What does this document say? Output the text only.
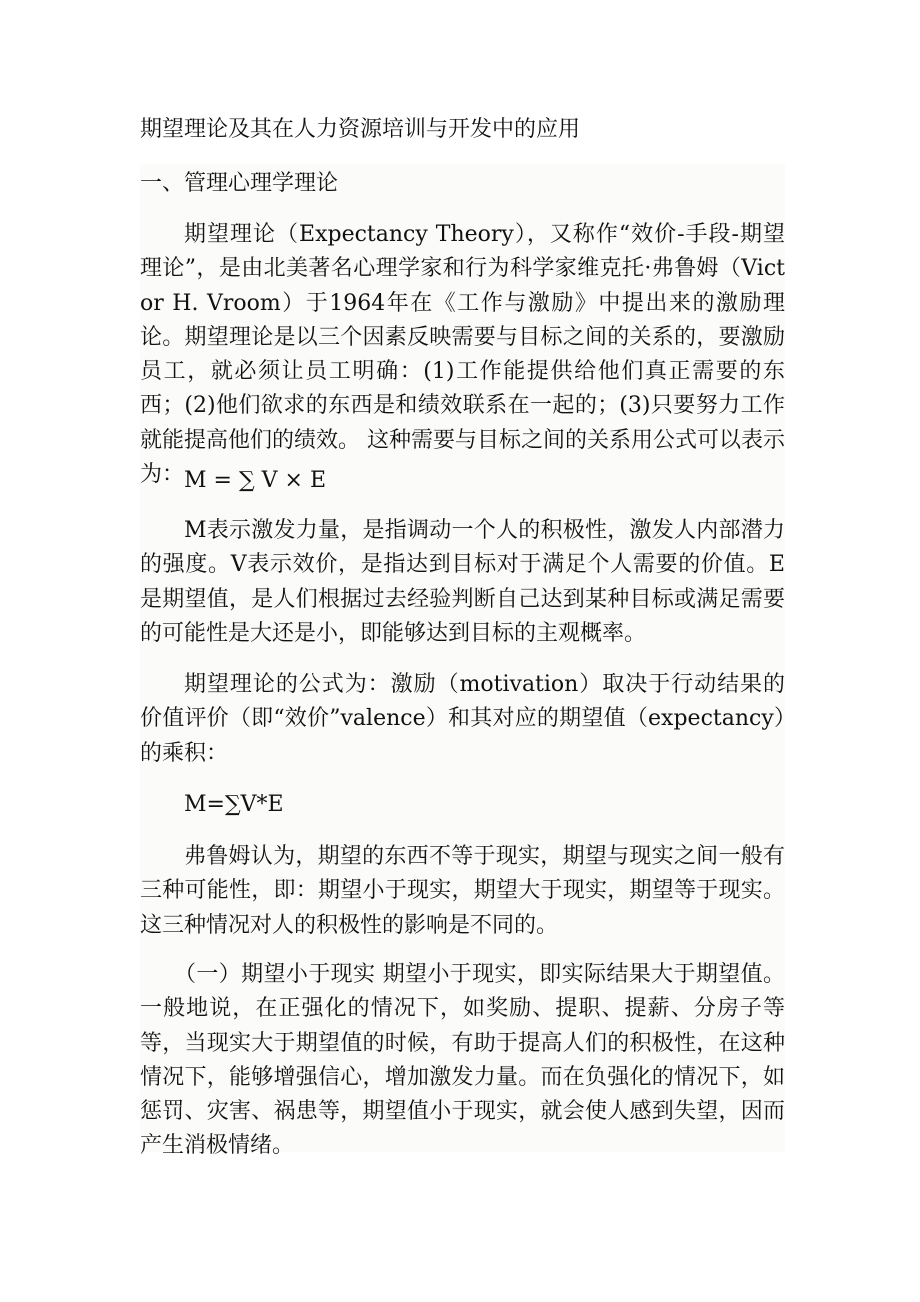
期望理论及其在人力资源培训与开发中的应用

一、管理心理学理论

期望理论（Expectancy Theory），又称作“效价-手段-期望理论”，是由北美著名心理学家和行为科学家维克托·弗鲁姆（Victor H. Vroom）于1964年在《工作与激励》中提出来的激励理论。期望理论是以三个因素反映需要与目标之间的关系的，要激励员工，就必须让员工明确：(1)工作能提供给他们真正需要的东西；(2)他们欲求的东西是和绩效联系在一起的；(3)只要努力工作就能提高他们的绩效。 这种需要与目标之间的关系用公式可以表示为： M = ∑ V × E

M表示激发力量，是指调动一个人的积极性，激发人内部潜力的强度。V表示效价，是指达到目标对于满足个人需要的价值。E是期望值，是人们根据过去经验判断自己达到某种目标或满足需要的可能性是大还是小，即能够达到目标的主观概率。

期望理论的公式为：激励（motivation）取决于行动结果的价值评价（即“效价”valence）和其对应的期望值（expectancy）的乘积：

M=∑V*E

弗鲁姆认为，期望的东西不等于现实，期望与现实之间一般有三种可能性，即：期望小于现实，期望大于现实，期望等于现实。这三种情况对人的积极性的影响是不同的。

（一）期望小于现实 期望小于现实，即实际结果大于期望值。一般地说，在正强化的情况下，如奖励、提职、提薪、分房子等等，当现实大于期望值的时候，有助于提高人们的积极性，在这种情况下，能够增强信心，增加激发力量。而在负强化的情况下，如惩罚、灾害、祸患等，期望值小于现实，就会使人感到失望，因而产生消极情绪。
